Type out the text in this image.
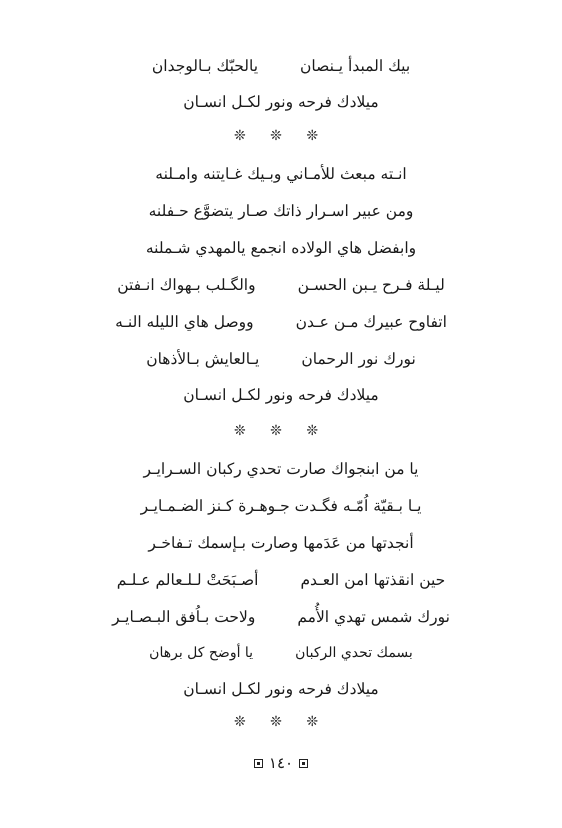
بيك المبدأ يـنصان
يالحبّك بـالوجدان
ميلادك فرحه ونور لكـل انسـان
❊ ❊ ❊
انـته مبعث للأمـاني وبـيك غـايتنه وامـلنه
ومن عبير اسـرار ذاتك صـار يتضوَّع حـفلنه
وابفضل هاي الولاده انجمع يالمهدي شـملنه
ليـلة فـرح يـبن الحسـن
والگـلب بـهواك انـفتن
اتفاوح عبيرك مـن عـدن
ووصل هاي الليله النـه
نورك نور الرحمان
يـالعايش بـالأذهان
ميلادك فرحه ونور لكـل انسـان
❊ ❊ ❊
يا من ابنجواك صارت تحدي ركبان السـرايـر
يـا بـقيّة اُمّـه فگـدت جـوهـرة كـنز الضـمـايـر
أنجدتها من عَدَمها وصارت بـإسمك تـفاخـر
حين انقذتها امن العـدم
أصـبَحَتْ لـلـعالم عـلـم
نورك شمس تهدي الأُمم
ولاحت بـاُفق البـصـايـر
بسمك تحدي الركبان
يا أوضح كل برهان
ميلادك فرحه ونور لكـل انسـان
❊ ❊ ❊
١٤٠
